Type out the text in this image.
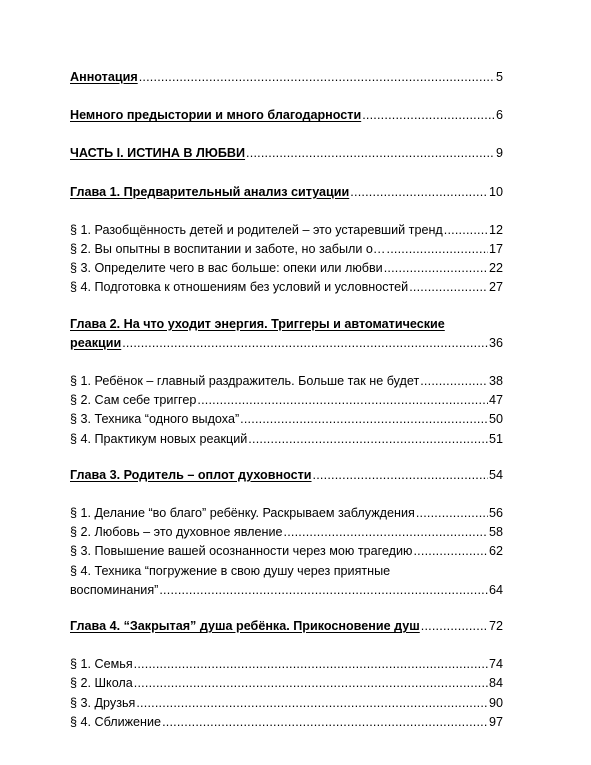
Аннотация .....	5
Немного предыстории и много благодарности .....	6
ЧАСТЬ I. ИСТИНА В ЛЮБВИ .....	9
Глава 1. Предварительный анализ ситуации .....	10
§ 1. Разобщённость детей и родителей – это устаревший тренд .....	12
§ 2. Вы опытны в воспитании и заботе, но забыли о… .....	17
§ 3. Определите чего в вас больше: опеки или любви .....	22
§ 4. Подготовка к отношениям без условий и условностей .....	27
Глава 2. На что уходит энергия. Триггеры и автоматические
реакции .....	36
§ 1. Ребёнок – главный раздражитель. Больше так не будет .....	38
§ 2. Сам себе триггер .....	47
§ 3. Техника “одного выдоха” .....	50
§ 4. Практикум новых реакций .....	51
Глава 3. Родитель – оплот духовности .....	54
§ 1. Делание “во благо” ребёнку. Раскрываем заблуждения .....	56
§ 2. Любовь – это духовное явление .....	58
§ 3. Повышение вашей осознанности через мою трагедию .....	62
§ 4. Техника “погружение в свою душу через приятные
воспоминания” .....	64
Глава 4. “Закрытая” душа ребёнка. Прикосновение душ .....	72
§ 1. Семья .....	74
§ 2. Школа .....	84
§ 3. Друзья .....	90
§ 4. Сближение .....	97
